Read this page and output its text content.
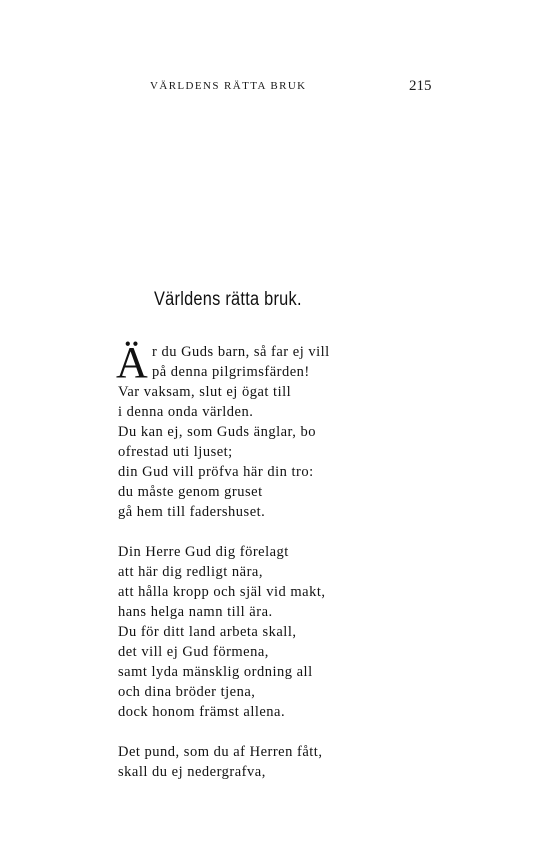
VÄRLDENS RÄTTA BRUK	215
Världens rätta bruk.
Ä r du Guds barn, så far ej vill
på denna pilgrimsfärden!
Var vaksam, slut ej ögat till
i denna onda världen.
Du kan ej, som Guds änglar, bo
ofrestad uti ljuset;
din Gud vill pröfva här din tro:
du måste genom gruset
gå hem till fadershuset.
Din Herre Gud dig förelagt
att här dig redligt nära,
att hålla kropp och själ vid makt,
hans helga namn till ära.
Du för ditt land arbeta skall,
det vill ej Gud förmena,
samt lyda mänsklig ordning all
och dina bröder tjena,
dock honom främst allena.
Det pund, som du af Herren fått,
skall du ej nedergrafva,
